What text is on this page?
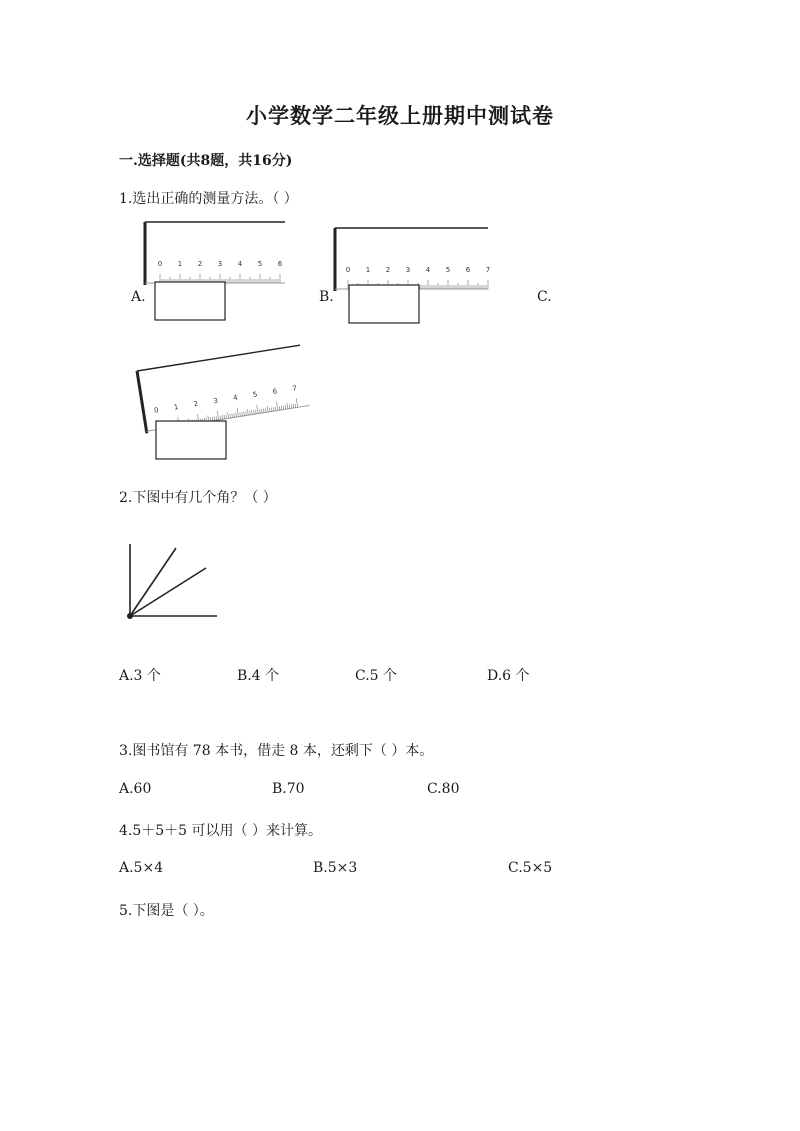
小学数学二年级上册期中测试卷
一.选择题(共8题，共16分)
1.选出正确的测量方法。（ ）
A.	B.	C.
0 1 2 3 4 5 6
0 1 2 3 4 5 6 7
0 1 2 3 4 5 6 7
2.下图中有几个角？（ ）
A.3 个	B.4 个	C.5 个	D.6 个
3.图书馆有 78 本书，借走 8 本，还剩下（ ）本。
A.60	B.70	C.80
4.5＋5＋5 可以用（ ）来计算。
A.5×4	B.5×3	C.5×5
5.下图是（ ）。
